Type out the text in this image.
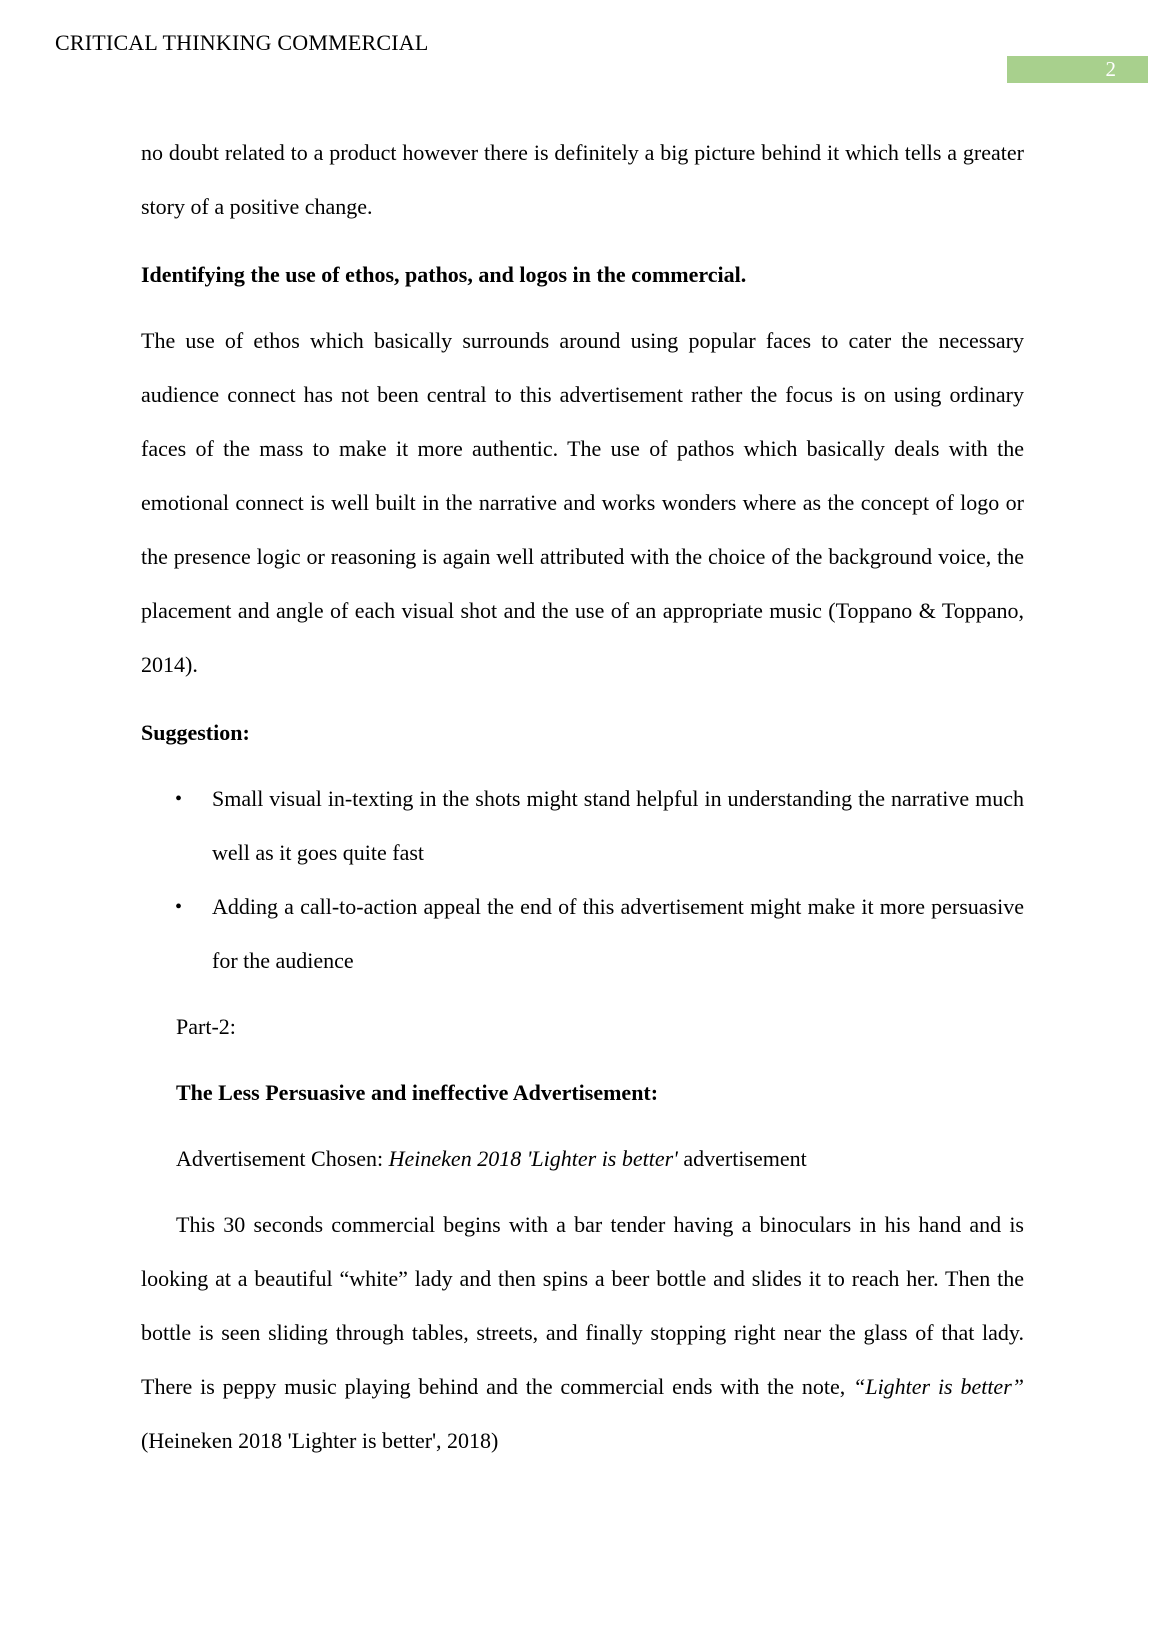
CRITICAL THINKING COMMERCIAL
2

no doubt related to a product however there is definitely a big picture behind it which tells a greater story of a positive change.

Identifying the use of ethos, pathos, and logos in the commercial.

The use of ethos which basically surrounds around using popular faces to cater the necessary audience connect has not been central to this advertisement rather the focus is on using ordinary faces of the mass to make it more authentic. The use of pathos which basically deals with the emotional connect is well built in the narrative and works wonders where as the concept of logo or the presence logic or reasoning is again well attributed with the choice of the background voice, the placement and angle of each visual shot and the use of an appropriate music (Toppano & Toppano, 2014).

Suggestion:
• Small visual in-texting in the shots might stand helpful in understanding the narrative much well as it goes quite fast
• Adding a call-to-action appeal the end of this advertisement might make it more persuasive for the audience
Part-2:
The Less Persuasive and ineffective Advertisement:
Advertisement Chosen: Heineken 2018 'Lighter is better' advertisement

This 30 seconds commercial begins with a bar tender having a binoculars in his hand and is looking at a beautiful “white” lady and then spins a beer bottle and slides it to reach her. Then the bottle is seen sliding through tables, streets, and finally stopping right near the glass of that lady. There is peppy music playing behind and the commercial ends with the note, “Lighter is better” (Heineken 2018 'Lighter is better', 2018)
